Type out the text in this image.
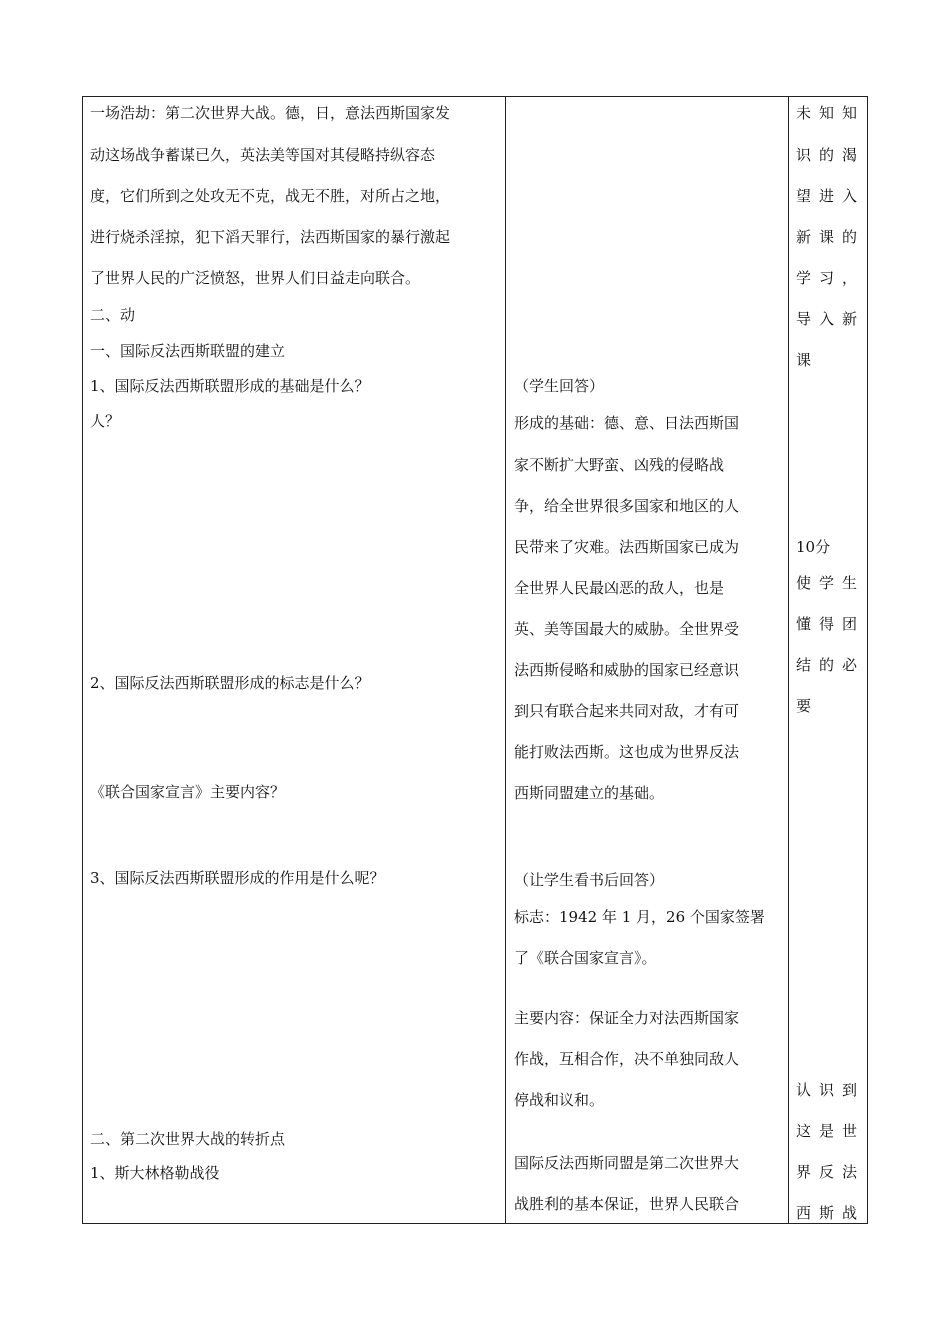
一场浩劫：第二次世界大战。德，日，意法西斯国家发
动这场战争蓄谋已久，英法美等国对其侵略持纵容态
度，它们所到之处攻无不克，战无不胜，对所占之地，
进行烧杀淫掠，犯下滔天罪行，法西斯国家的暴行激起
了世界人民的广泛愤怒，世界人们日益走向联合。
二、动
一、国际反法西斯联盟的建立
1、国际反法西斯联盟形成的基础是什么？
人？
2、国际反法西斯联盟形成的标志是什么？
《联合国家宣言》主要内容？
3、国际反法西斯联盟形成的作用是什么呢？
二、第二次世界大战的转折点
1、斯大林格勒战役
（学生回答）
形成的基础：德、意、日法西斯国
家不断扩大野蛮、凶残的侵略战
争，给全世界很多国家和地区的人
民带来了灾难。法西斯国家已成为
全世界人民最凶恶的敌人，也是
英、美等国最大的威胁。全世界受
法西斯侵略和威胁的国家已经意识
到只有联合起来共同对敌，才有可
能打败法西斯。这也成为世界反法
西斯同盟建立的基础。
（让学生看书后回答）
标志：1942 年 1 月，26 个国家签署
了《联合国家宣言》。
主要内容：保证全力对法西斯国家
作战，互相合作，决不单独同敌人
停战和议和。
国际反法西斯同盟是第二次世界大
战胜利的基本保证，世界人民联合
未知知
识的渴
望进入
新课的
学习，
导入新
课
10分
使学生
懂得团
结的必
要
认识到
这是世
界反法
西斯战
